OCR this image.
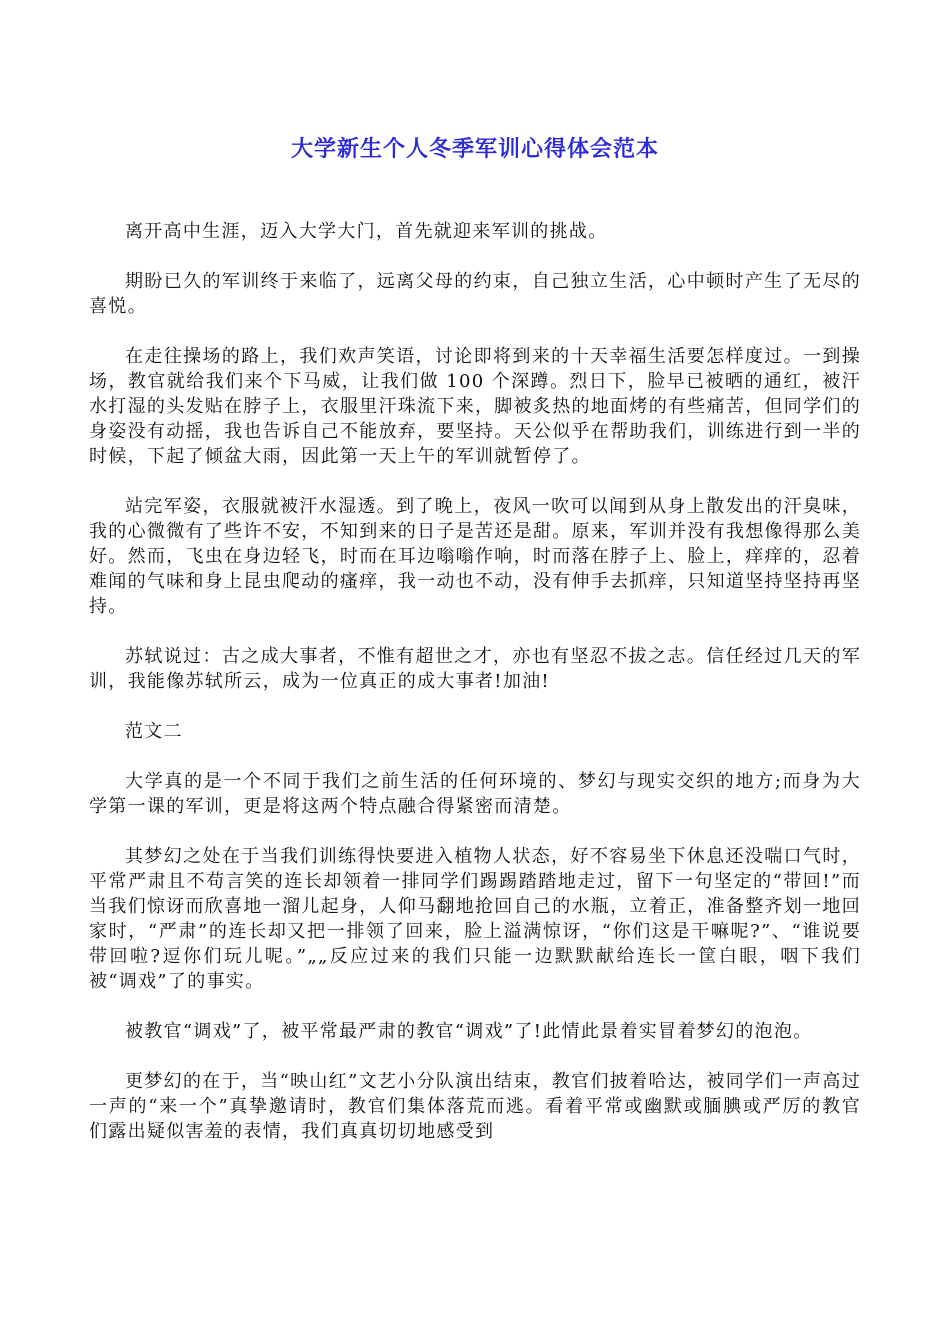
大学新生个人冬季军训心得体会范本

离开高中生涯，迈入大学大门，首先就迎来军训的挑战。

期盼已久的军训终于来临了，远离父母的约束，自己独立生活，心中顿时产生了无尽的喜悦。

在走往操场的路上，我们欢声笑语，讨论即将到来的十天幸福生活要怎样度过。一到操场，教官就给我们来个下马威，让我们做 100 个深蹲。烈日下，脸早已被晒的通红，被汗水打湿的头发贴在脖子上，衣服里汗珠流下来，脚被炙热的地面烤的有些痛苦，但同学们的身姿没有动摇，我也告诉自己不能放弃，要坚持。天公似乎在帮助我们，训练进行到一半的时候，下起了倾盆大雨，因此第一天上午的军训就暂停了。

站完军姿，衣服就被汗水湿透。到了晚上，夜风一吹可以闻到从身上散发出的汗臭味，我的心微微有了些许不安，不知到来的日子是苦还是甜。原来，军训并没有我想像得那么美好。然而，飞虫在身边轻飞，时而在耳边嗡嗡作响，时而落在脖子上、脸上，痒痒的，忍着难闻的气味和身上昆虫爬动的瘙痒，我一动也不动，没有伸手去抓痒，只知道坚持坚持再坚持。

苏轼说过：古之成大事者，不惟有超世之才，亦也有坚忍不拔之志。信任经过几天的军训，我能像苏轼所云，成为一位真正的成大事者!加油!

范文二

大学真的是一个不同于我们之前生活的任何环境的、梦幻与现实交织的地方;而身为大学第一课的军训，更是将这两个特点融合得紧密而清楚。

其梦幻之处在于当我们训练得快要进入植物人状态，好不容易坐下休息还没喘口气时，平常严肃且不苟言笑的连长却领着一排同学们踢踢踏踏地走过，留下一句坚定的“带回!”而当我们惊讶而欣喜地一溜儿起身，人仰马翻地抢回自己的水瓶，立着正，准备整齐划一地回家时，“严肃”的连长却又把一排领了回来，脸上溢满惊讶，“你们这是干嘛呢?”、“谁说要带回啦?逗你们玩儿呢。”„„反应过来的我们只能一边默默献给连长一筐白眼，咽下我们被“调戏”了的事实。

被教官“调戏”了，被平常最严肃的教官“调戏”了!此情此景着实冒着梦幻的泡泡。

更梦幻的在于，当“映山红”文艺小分队演出结束，教官们披着哈达，被同学们一声高过一声的“来一个”真挚邀请时，教官们集体落荒而逃。看着平常或幽默或腼腆或严厉的教官们露出疑似害羞的表情，我们真真切切地感受到
